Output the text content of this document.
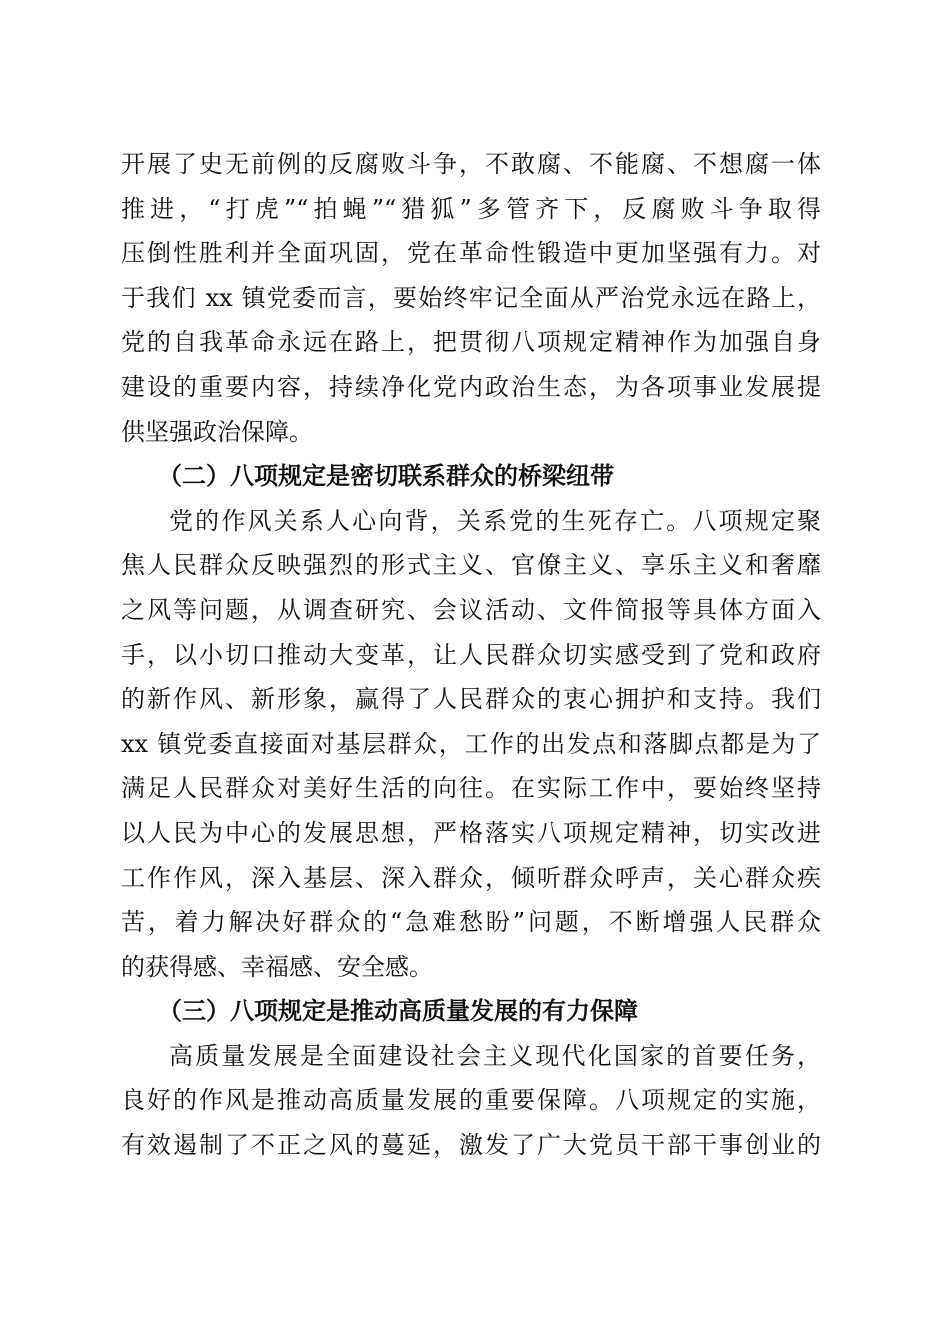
开展了史无前例的反腐败斗争，不敢腐、不能腐、不想腐一体
推进，“打虎”“拍蝇”“猎狐”多管齐下，反腐败斗争取得
压倒性胜利并全面巩固，党在革命性锻造中更加坚强有力。对
于我们 xx 镇党委而言，要始终牢记全面从严治党永远在路上，
党的自我革命永远在路上，把贯彻八项规定精神作为加强自身
建设的重要内容，持续净化党内政治生态，为各项事业发展提
供坚强政治保障。
（二）八项规定是密切联系群众的桥梁纽带
党的作风关系人心向背，关系党的生死存亡。八项规定聚
焦人民群众反映强烈的形式主义、官僚主义、享乐主义和奢靡
之风等问题，从调查研究、会议活动、文件简报等具体方面入
手，以小切口推动大变革，让人民群众切实感受到了党和政府
的新作风、新形象，赢得了人民群众的衷心拥护和支持。我们
xx 镇党委直接面对基层群众，工作的出发点和落脚点都是为了
满足人民群众对美好生活的向往。在实际工作中，要始终坚持
以人民为中心的发展思想，严格落实八项规定精神，切实改进
工作作风，深入基层、深入群众，倾听群众呼声，关心群众疾
苦，着力解决好群众的“急难愁盼”问题，不断增强人民群众
的获得感、幸福感、安全感。
（三）八项规定是推动高质量发展的有力保障
高质量发展是全面建设社会主义现代化国家的首要任务，
良好的作风是推动高质量发展的重要保障。八项规定的实施，
有效遏制了不正之风的蔓延，激发了广大党员干部干事创业的
